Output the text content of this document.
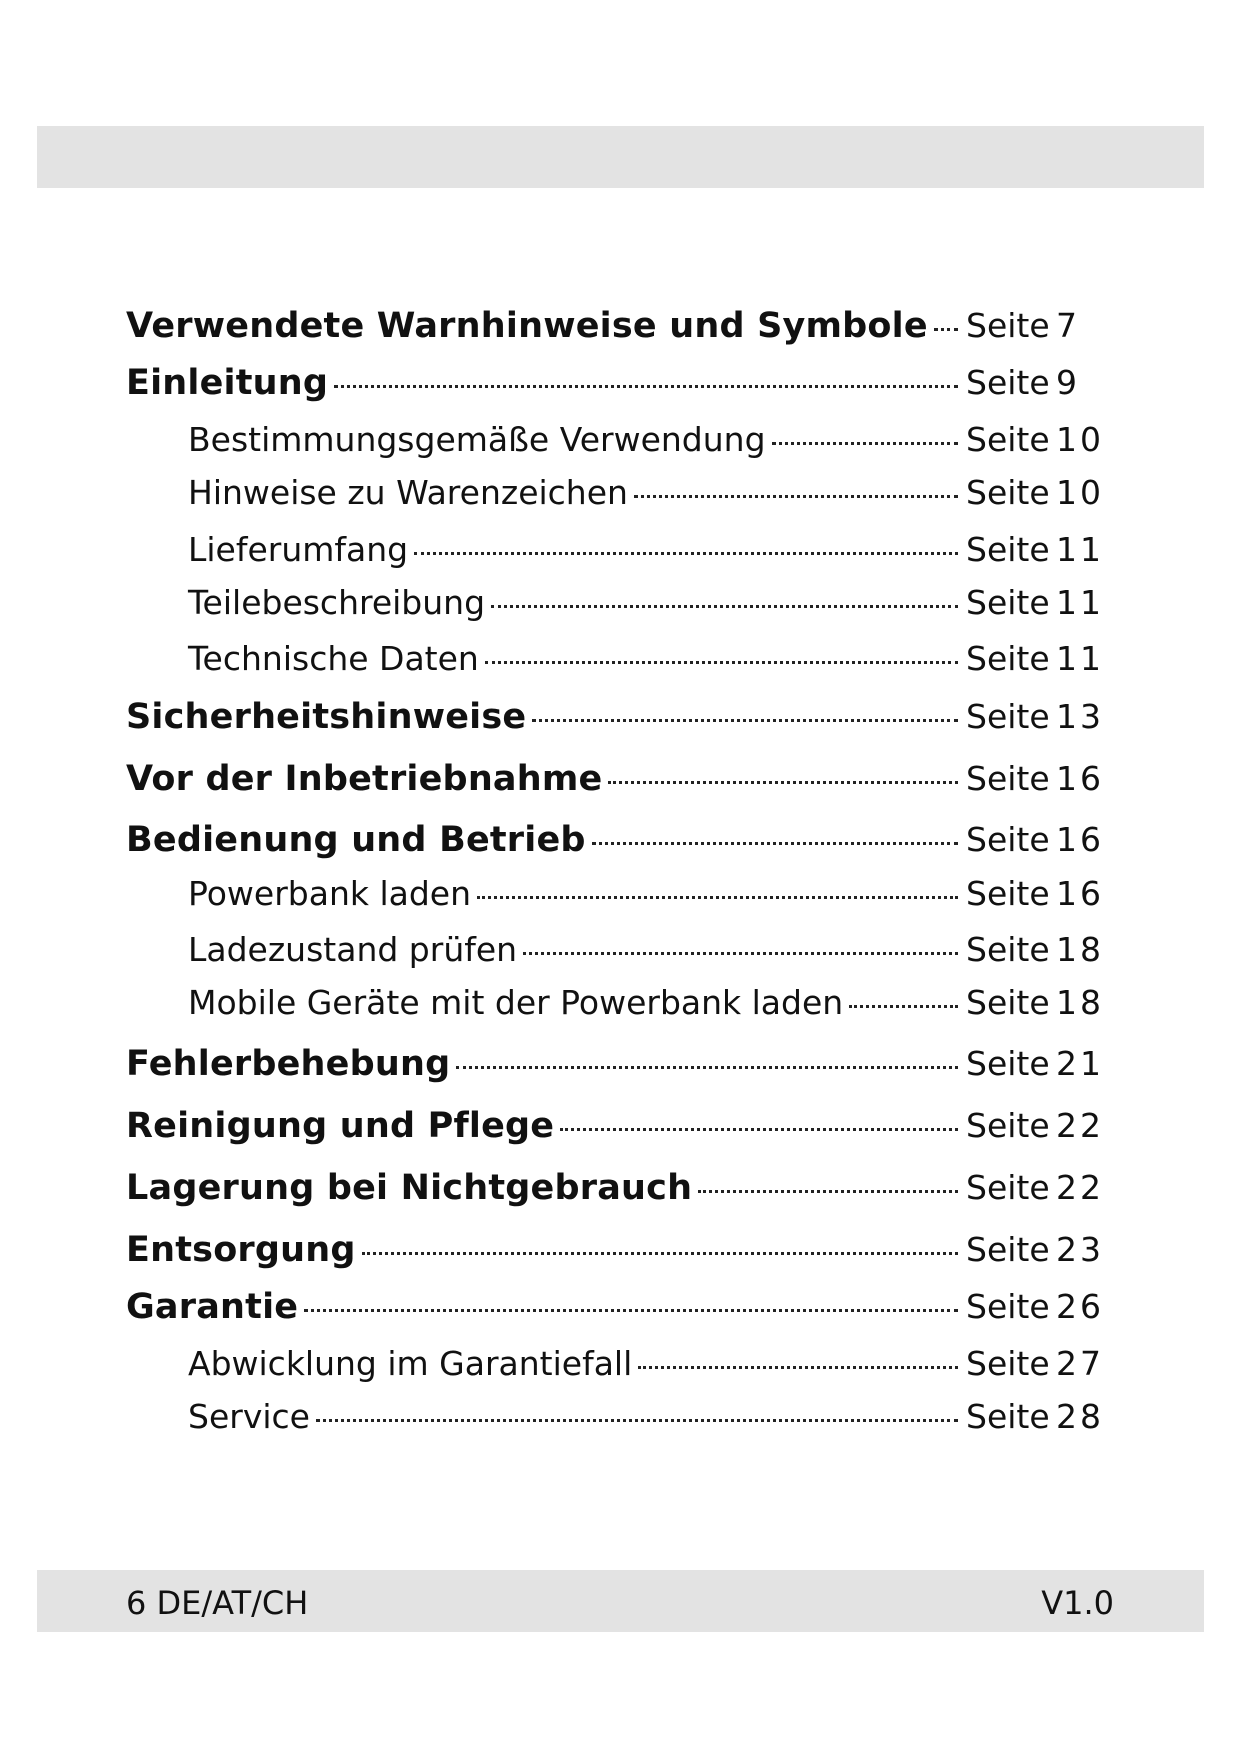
Verwendete Warnhinweise und Symbole Seite 7
Einleitung	Seite 9
Bestimmungsgemäße Verwendung	Seite 10
Hinweise zu Warenzeichen	Seite 10
Lieferumfang	Seite 11
Teilebeschreibung	Seite 11
Technische Daten	Seite 11
Sicherheitshinweise	Seite 13
Vor der Inbetriebnahme	Seite 16
Bedienung und Betrieb	Seite 16
Powerbank laden	Seite 16
Ladezustand prüfen	Seite 18
Mobile Geräte mit der Powerbank laden	Seite 18
Fehlerbehebung	Seite 21
Reinigung und Pflege	Seite 22
Lagerung bei Nichtgebrauch	Seite 22
Entsorgung	Seite 23
Garantie	Seite 26
Abwicklung im Garantiefall	Seite 27
Service	Seite 28
6 DE/AT/CH	V1.0
